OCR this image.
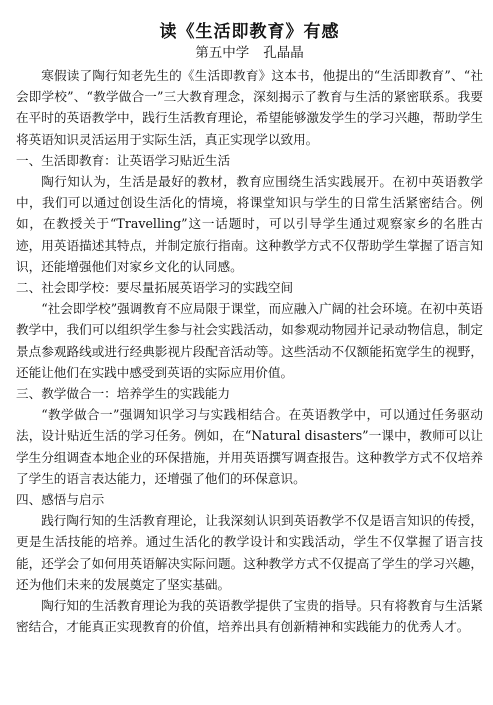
读《生活即教育》有感
第五中学 孔晶晶

寒假读了陶行知老先生的《生活即教育》这本书，他提出的“生活即教育”、“社会即学校”、“教学做合一”三大教育理念，深刻揭示了教育与生活的紧密联系。我要在平时的英语教学中，践行生活教育理论，希望能够激发学生的学习兴趣，帮助学生将英语知识灵活运用于实际生活，真正实现学以致用。

一、生活即教育：让英语学习贴近生活

陶行知认为，生活是最好的教材，教育应围绕生活实践展开。在初中英语教学中，我们可以通过创设生活化的情境，将课堂知识与学生的日常生活紧密结合。例如，在教授关于“Travelling”这一话题时，可以引导学生通过观察家乡的名胜古迹，用英语描述其特点，并制定旅行指南。这种教学方式不仅帮助学生掌握了语言知识，还能增强他们对家乡文化的认同感。

二、社会即学校：要尽量拓展英语学习的实践空间

“社会即学校”强调教育不应局限于课堂，而应融入广阔的社会环境。在初中英语教学中，我们可以组织学生参与社会实践活动，如参观动物园并记录动物信息，制定景点参观路线或进行经典影视片段配音活动等。这些活动不仅额能拓宽学生的视野，还能让他们在实践中感受到英语的实际应用价值。

三、教学做合一：培养学生的实践能力

“教学做合一”强调知识学习与实践相结合。在英语教学中，可以通过任务驱动法，设计贴近生活的学习任务。例如，在“Natural disasters”一课中，教师可以让学生分组调查本地企业的环保措施，并用英语撰写调查报告。这种教学方式不仅培养了学生的语言表达能力，还增强了他们的环保意识。

四、感悟与启示

践行陶行知的生活教育理论，让我深刻认识到英语教学不仅是语言知识的传授，更是生活技能的培养。通过生活化的教学设计和实践活动，学生不仅掌握了语言技能，还学会了如何用英语解决实际问题。这种教学方式不仅提高了学生的学习兴趣，还为他们未来的发展奠定了坚实基础。

陶行知的生活教育理论为我的英语教学提供了宝贵的指导。只有将教育与生活紧密结合，才能真正实现教育的价值，培养出具有创新精神和实践能力的优秀人才。
